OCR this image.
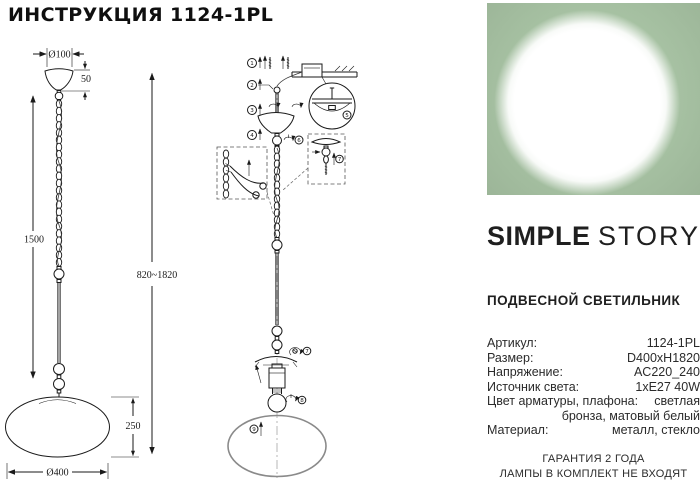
ИНСТРУКЦИЯ 1124-1PL
Ø100
50
1500
250
Ø400
820~1820
1
2
3
4
5
6
7
7
8
9
SIMPLE STORY
ПОДВЕСНОЙ СВЕТИЛЬНИК
Артикул:	1124-1PL
Размер:	D400xH1820
Напряжение:	AC220_240
Источник света:	1xE27 40W
Цвет арматуры, плафона:	светлая бронза, матовый белый
Материал:	металл, стекло
ГАРАНТИЯ 2 ГОДА
ЛАМПЫ В КОМПЛЕКТ НЕ ВХОДЯТ
